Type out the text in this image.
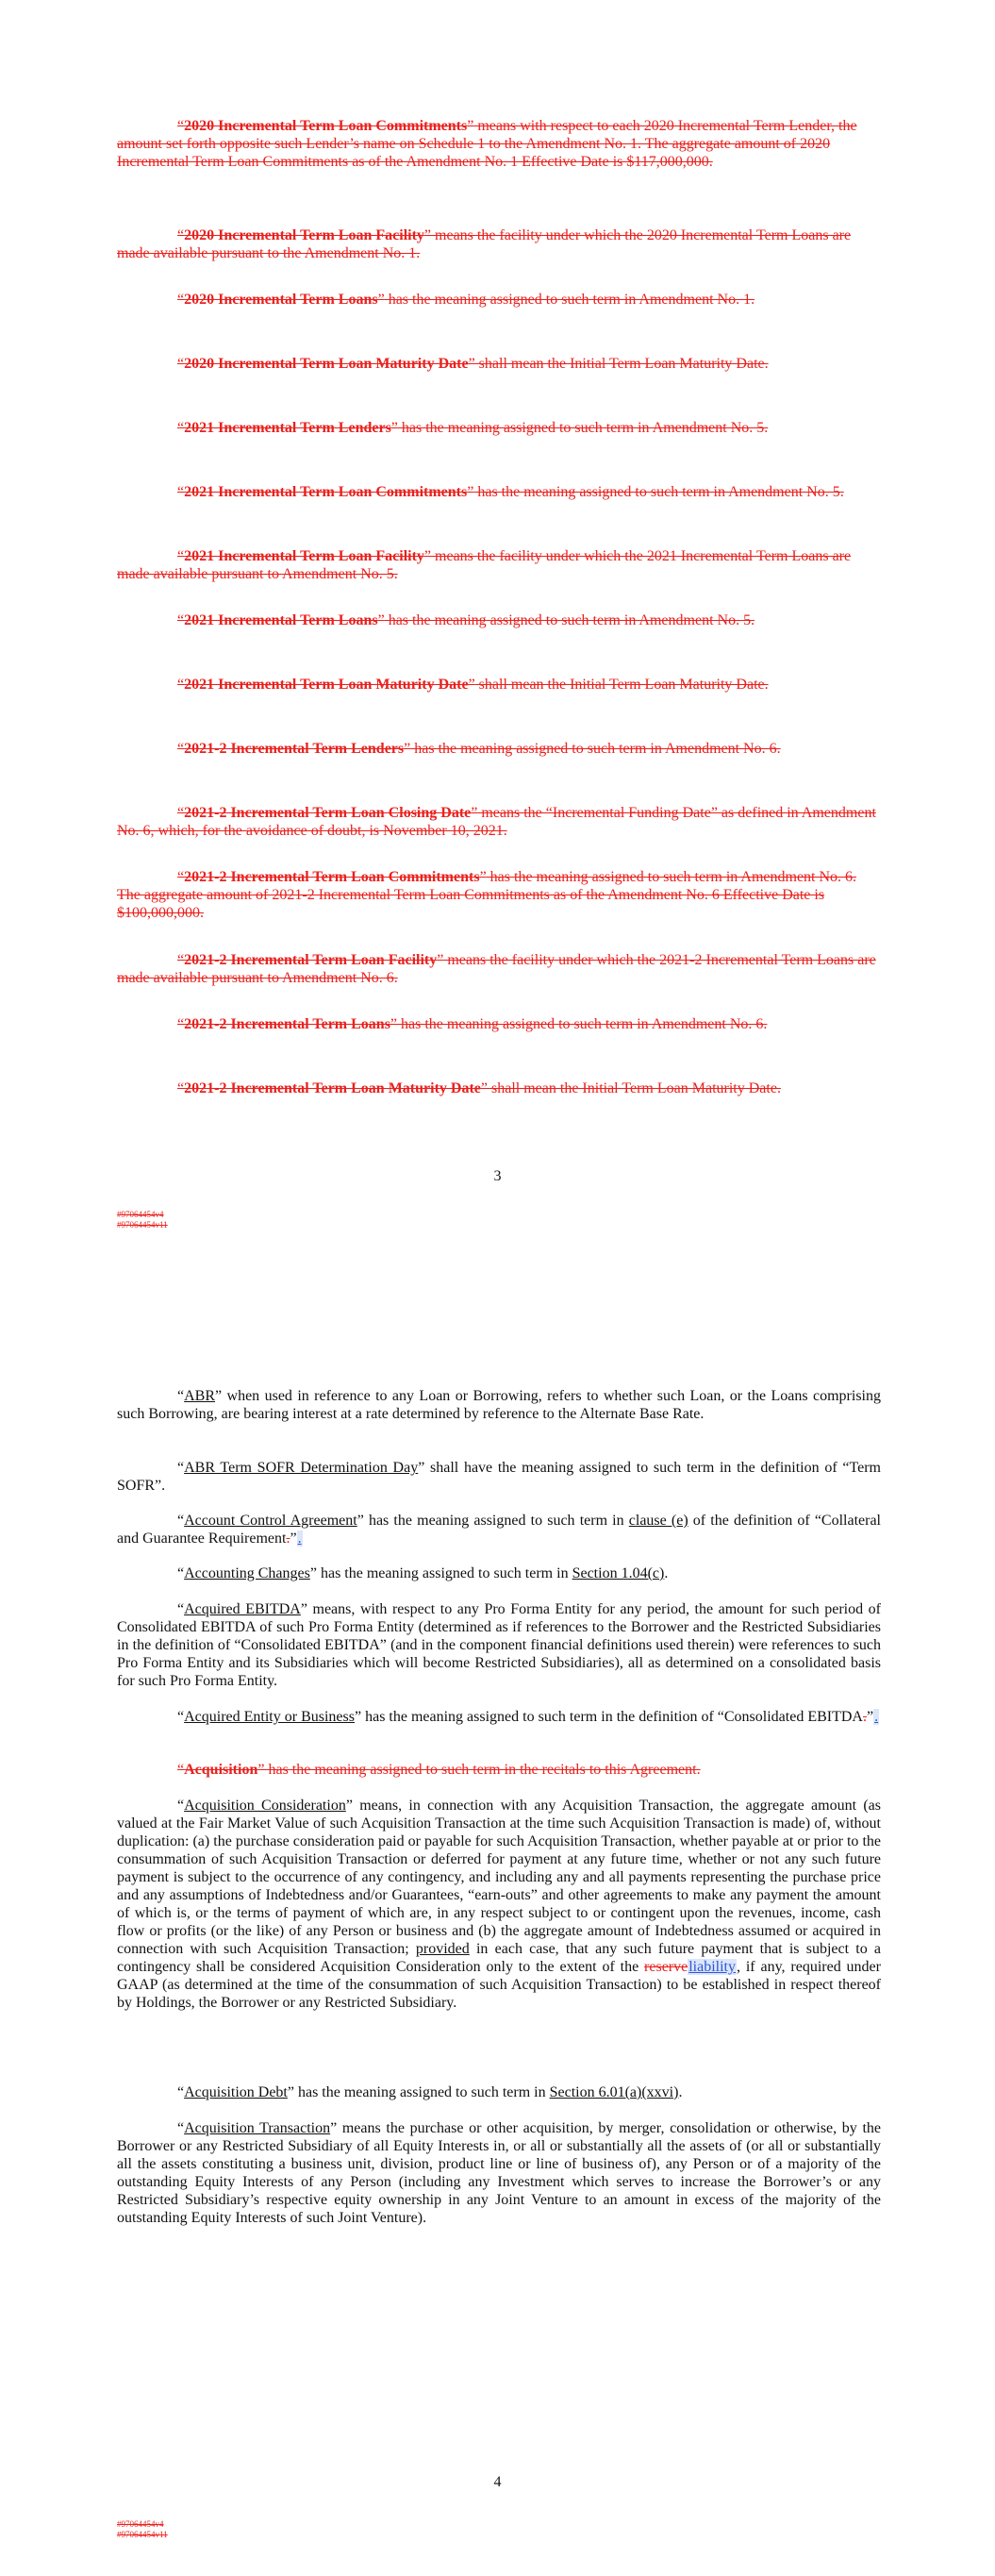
“2020 Incremental Term Loan Commitments” means with respect to each 2020 Incremental Term Lender, the amount set forth opposite such Lender’s name on Schedule 1 to the Amendment No. 1. The aggregate amount of 2020 Incremental Term Loan Commitments as of the Amendment No. 1 Effective Date is $117,000,000.

“2020 Incremental Term Loan Facility” means the facility under which the 2020 Incremental Term Loans are made available pursuant to the Amendment No. 1.

“2020 Incremental Term Loans” has the meaning assigned to such term in Amendment No. 1.

“2020 Incremental Term Loan Maturity Date” shall mean the Initial Term Loan Maturity Date.

“2021 Incremental Term Lenders” has the meaning assigned to such term in Amendment No. 5.

“2021 Incremental Term Loan Commitments” has the meaning assigned to such term in Amendment No. 5.

“2021 Incremental Term Loan Facility” means the facility under which the 2021 Incremental Term Loans are made available pursuant to Amendment No. 5.

“2021 Incremental Term Loans” has the meaning assigned to such term in Amendment No. 5.

“2021 Incremental Term Loan Maturity Date” shall mean the Initial Term Loan Maturity Date.

“2021-2 Incremental Term Lenders” has the meaning assigned to such term in Amendment No. 6.

“2021-2 Incremental Term Loan Closing Date” means the “Incremental Funding Date” as defined in Amendment No. 6, which, for the avoidance of doubt, is November 10, 2021.

“2021-2 Incremental Term Loan Commitments” has the meaning assigned to such term in Amendment No. 6. The aggregate amount of 2021-2 Incremental Term Loan Commitments as of the Amendment No. 6 Effective Date is $100,000,000.

“2021-2 Incremental Term Loan Facility” means the facility under which the 2021-2 Incremental Term Loans are made available pursuant to Amendment No. 6.

“2021-2 Incremental Term Loans” has the meaning assigned to such term in Amendment No. 6.

“2021-2 Incremental Term Loan Maturity Date” shall mean the Initial Term Loan Maturity Date.

3
#97064454v4
#97064454v11

“ABR” when used in reference to any Loan or Borrowing, refers to whether such Loan, or the Loans comprising such Borrowing, are bearing interest at a rate determined by reference to the Alternate Base Rate.

“ABR Term SOFR Determination Day” shall have the meaning assigned to such term in the definition of “Term SOFR”.

“Account Control Agreement” has the meaning assigned to such term in clause (e) of the definition of “Collateral and Guarantee Requirement.”.

“Accounting Changes” has the meaning assigned to such term in Section 1.04(c).

“Acquired EBITDA” means, with respect to any Pro Forma Entity for any period, the amount for such period of Consolidated EBITDA of such Pro Forma Entity (determined as if references to the Borrower and the Restricted Subsidiaries in the definition of “Consolidated EBITDA” (and in the component financial definitions used therein) were references to such Pro Forma Entity and its Subsidiaries which will become Restricted Subsidiaries), all as determined on a consolidated basis for such Pro Forma Entity.

“Acquired Entity or Business” has the meaning assigned to such term in the definition of “Consolidated EBITDA.”.

“Acquisition” has the meaning assigned to such term in the recitals to this Agreement.

“Acquisition Consideration” means, in connection with any Acquisition Transaction, the aggregate amount (as valued at the Fair Market Value of such Acquisition Transaction at the time such Acquisition Transaction is made) of, without duplication: (a) the purchase consideration paid or payable for such Acquisition Transaction, whether payable at or prior to the consummation of such Acquisition Transaction or deferred for payment at any future time, whether or not any such future payment is subject to the occurrence of any contingency, and including any and all payments representing the purchase price and any assumptions of Indebtedness and/or Guarantees, “earn-outs” and other agreements to make any payment the amount of which is, or the terms of payment of which are, in any respect subject to or contingent upon the revenues, income, cash flow or profits (or the like) of any Person or business and (b) the aggregate amount of Indebtedness assumed or acquired in connection with such Acquisition Transaction; provided in each case, that any such future payment that is subject to a contingency shall be considered Acquisition Consideration only to the extent of the reserveliability, if any, required under GAAP (as determined at the time of the consummation of such Acquisition Transaction) to be established in respect thereof by Holdings, the Borrower or any Restricted Subsidiary.

“Acquisition Debt” has the meaning assigned to such term in Section 6.01(a)(xxvi).

“Acquisition Transaction” means the purchase or other acquisition, by merger, consolidation or otherwise, by the Borrower or any Restricted Subsidiary of all Equity Interests in, or all or substantially all the assets of (or all or substantially all the assets constituting a business unit, division, product line or line of business of), any Person or of a majority of the outstanding Equity Interests of any Person (including any Investment which serves to increase the Borrower’s or any Restricted Subsidiary’s respective equity ownership in any Joint Venture to an amount in excess of the majority of the outstanding Equity Interests of such Joint Venture).

4
#97064454v4
#97064454v11
